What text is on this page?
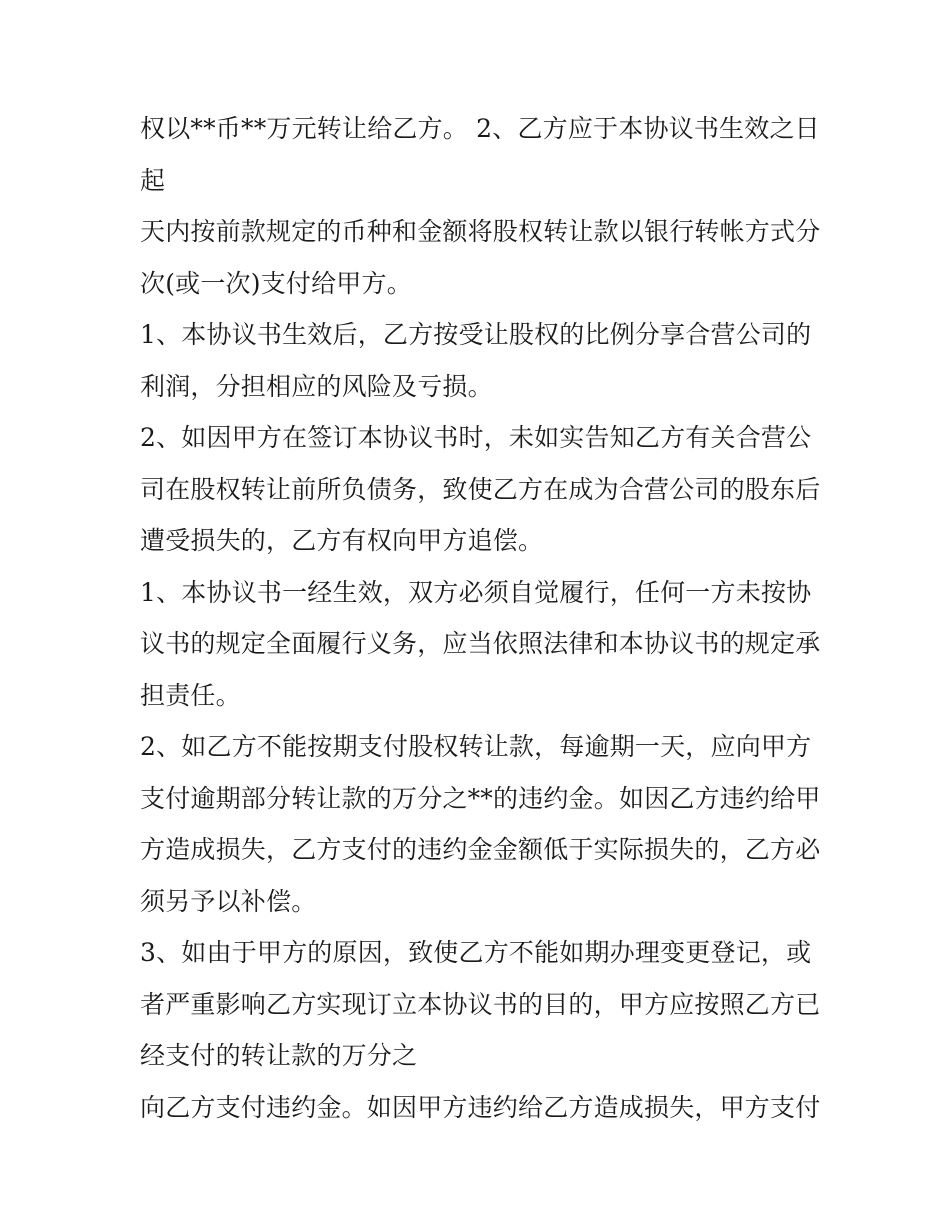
权以**币**万元转让给乙方。 2、乙方应于本协议书生效之日
起
天内按前款规定的币种和金额将股权转让款以银行转帐方式分
次(或一次)支付给甲方。
1、本协议书生效后，乙方按受让股权的比例分享合营公司的
利润，分担相应的风险及亏损。
2、如因甲方在签订本协议书时，未如实告知乙方有关合营公
司在股权转让前所负债务，致使乙方在成为合营公司的股东后
遭受损失的，乙方有权向甲方追偿。
1、本协议书一经生效，双方必须自觉履行，任何一方未按协
议书的规定全面履行义务，应当依照法律和本协议书的规定承
担责任。
2、如乙方不能按期支付股权转让款，每逾期一天，应向甲方
支付逾期部分转让款的万分之**的违约金。如因乙方违约给甲
方造成损失，乙方支付的违约金金额低于实际损失的，乙方必
须另予以补偿。
3、如由于甲方的原因，致使乙方不能如期办理变更登记，或
者严重影响乙方实现订立本协议书的目的，甲方应按照乙方已
经支付的转让款的万分之
向乙方支付违约金。如因甲方违约给乙方造成损失，甲方支付
